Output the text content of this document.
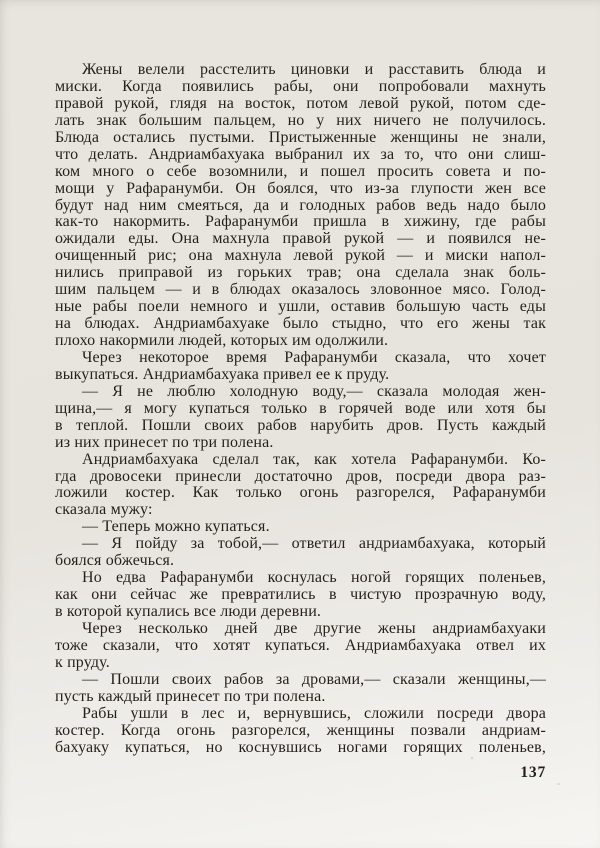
Жены велели расстелить циновки и расставить блюда и
миски. Когда появились рабы, они попробовали махнуть
правой рукой, глядя на восток, потом левой рукой, потом сде-
лать знак большим пальцем, но у них ничего не получилось.
Блюда остались пустыми. Пристыженные женщины не знали,
что делать. Андриамбахуака выбранил их за то, что они слиш-
ком много о себе возомнили, и пошел просить совета и по-
мощи у Рафаранумби. Он боялся, что из-за глупости жен все
будут над ним смеяться, да и голодных рабов ведь надо было
как-то накормить. Рафаранумби пришла в хижину, где рабы
ожидали еды. Она махнула правой рукой — и появился не-
очищенный рис; она махнула левой рукой — и миски напол-
нились приправой из горьких трав; она сделала знак боль-
шим пальцем — и в блюдах оказалось зловонное мясо. Голод-
ные рабы поели немного и ушли, оставив бо́льшую часть еды
на блюдах. Андриамбахуаке было стыдно, что его жены так
плохо накормили людей, которых им одолжили.
Через некоторое время Рафаранумби сказала, что хочет
выкупаться. Андриамбахуака привел ее к пруду.
— Я не люблю холодную воду,— сказала молодая жен-
щина,— я могу купаться только в горячей воде или хотя бы
в теплой. Пошли своих рабов нарубить дров. Пусть каждый
из них принесет по три полена.
Андриамбахуака сделал так, как хотела Рафаранумби. Ко-
гда дровосеки принесли достаточно дров, посреди двора раз-
ложили костер. Как только огонь разгорелся, Рафаранумби
сказала мужу:
— Теперь можно купаться.
— Я пойду за тобой,— ответил андриамбахуака, который
боялся обжечься.
Но едва Рафаранумби коснулась ногой горящих поленьев,
как они сейчас же превратились в чистую прозрачную воду,
в которой купались все люди деревни.
Через несколько дней две другие жены андриамбахуаки
тоже сказали, что хотят ку́паться. Андриамбахуака отвел их
к пруду.
— Пошли своих рабов за дровами,— сказали женщины,—
пусть каждый принесет по три полена.
Рабы ушли в лес и, вернувшись, сложили посреди двора
костер. Когда огонь разгорелся, женщины позвали андриам-
бахуаку купаться, но коснувшись ногами горящих поленьев,
137
